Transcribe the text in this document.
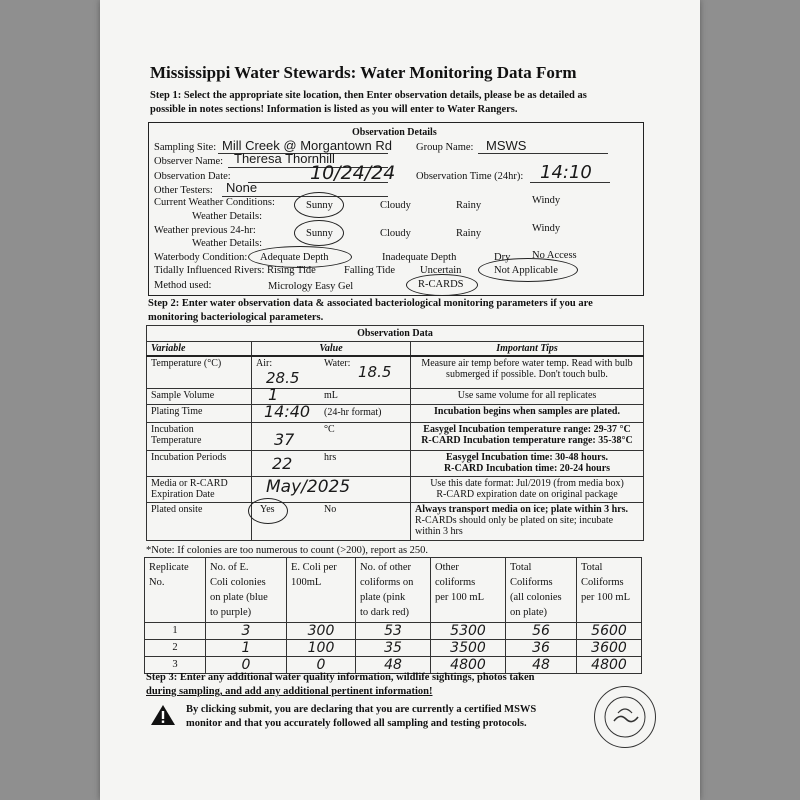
Mississippi Water Stewards: Water Monitoring Data Form
Step 1: Select the appropriate site location, then Enter observation details, please be as detailed as
possible in notes sections! Information is listed as you will enter to Water Rangers.
Observation Details
Sampling Site: Mill Creek @ Morgantown Rd Group Name: MSWS
Observer Name: Theresa Thornhill
Observation Date:	10/24/24 Observation Time (24hr): 14:10
Other Testers: None
Current Weather Conditions:	Sunny	Cloudy	Rainy	Windy
Weather Details:
Weather previous 24-hr:	Sunny	Cloudy	Rainy	Windy
Weather Details:
Waterbody Condition: Adequate Depth	Inadequate Depth	Dry No Access
Tidally Influenced Rivers: Rising Tide	Falling Tide Uncertain	Not Applicable
Method used:	Micrology Easy Gel	R-CARDS
Step 2: Enter water observation data & associated bacteriological monitoring parameters if you are
monitoring bacteriological parameters.
Observation Data		
Variable	Value	Important Tips
Temperature (°C)	Air:
28.5
Water: 18.5	Measure air temp before water temp. Read with bulb
submerged if possible. Don't touch bulb.
Sample Volume	1 mL	Use same volume for all replicates
Plating Time	14:40 (24-hr format)	Incubation begins when samples are plated.
Incubation
Temperature	37
°C	Easygel Incubation temperature range: 29-37 °C
R-CARD Incubation temperature range: 35-38°C
Incubation Periods	22 hrs	Easygel Incubation time: 30-48 hours.
R-CARD Incubation time: 20-24 hours
Media or R-CARD
Expiration Date	May/2025	Use this date format: Jul/2019 (from media box)
R-CARD expiration date on original package
Plated onsite	Yes No	Always transport media on ice; plate within 3 hrs.
R-CARDs should only be plated on site; incubate
within 3 hrs
*Note: If colonies are too numerous to count (>200), report as 250.
Replicate
No.	No. of E.
Coli colonies
on plate (blue
to purple)	E. Coli per
100mL	No. of other
coliforms on
plate (pink
to dark red)	Other
coliforms
per 100 mL	Total
Coliforms
(all colonies
on plate)	Total
Coliforms
per 100 mL
1	3	300	53	5300	56	5600
2	1	100	35	3500	36	3600
3	0	0	48	4800	48	4800
Step 3: Enter any additional water quality information, wildlife sightings, photos taken
during sampling, and add any additional pertinent information!
By clicking submit, you are declaring that you are currently a certified MSWS
monitor and that you accurately followed all sampling and testing protocols.
